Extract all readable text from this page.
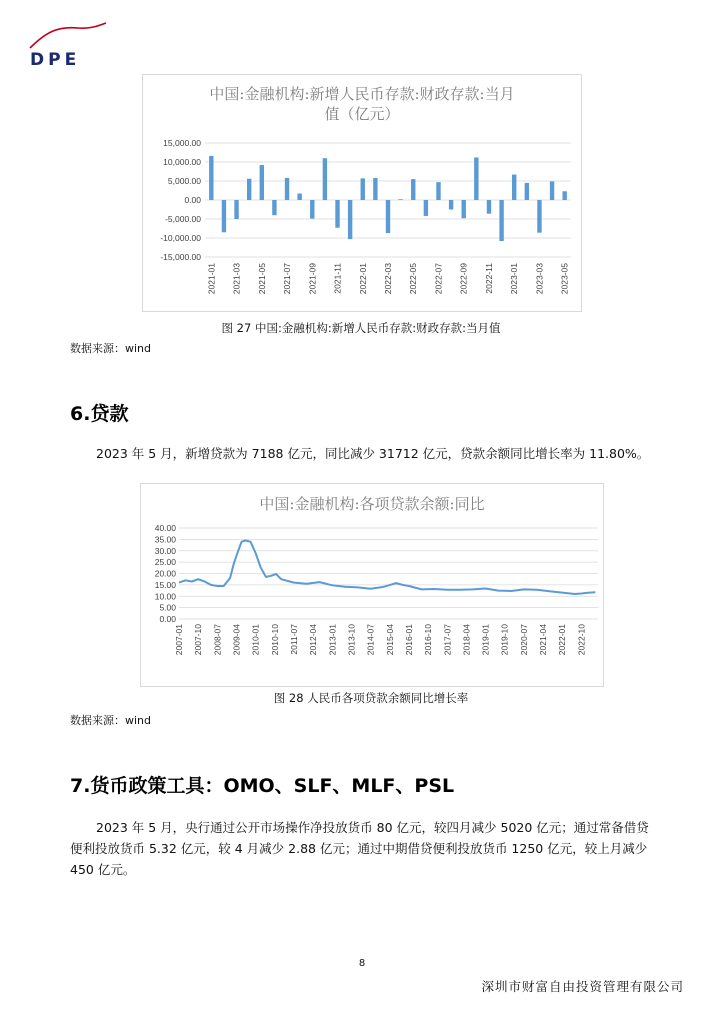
DPE
中国:金融机构:新增人民币存款:财政存款:当月
值（亿元）
15,000.00
10,000.00
5,000.00
0.00
-5,000.00
-10,000.00
-15,000.00
2021-01 2021-03 2021-05 2021-07 2021-09 2021-11 2022-01 2022-03 2022-05 2022-07 2022-09 2022-11 2023-01 2023-03 2023-05
图 27 中国:金融机构:新增人民币存款:财政存款:当月值
数据来源：wind
6.贷款

2023 年 5 月，新增贷款为 7188 亿元，同比减少 31712 亿元，贷款余额同比增长率为 11.80%。

中国:金融机构:各项贷款余额:同比
40.00
35.00
30.00
25.00
20.00
15.00
10.00
5.00
0.00
2007-01 2007-10 2008-07 2009-04 2010-01 2010-10 2011-07 2012-04 2013-01 2013-10 2014-07 2015-04 2016-01 2016-10 2017-07 2018-04 2019-01 2019-10 2020-07 2021-04 2022-01 2022-10
图 28 人民币各项贷款余额同比增长率
数据来源：wind
7.货币政策工具：OMO、SLF、MLF、PSL

2023 年 5 月，央行通过公开市场操作净投放货币 80 亿元，较四月减少 5020 亿元；通过常备借贷便利投放货币 5.32 亿元，较 4 月减少 2.88 亿元；通过中期借贷便利投放货币 1250 亿元，较上月减少 450 亿元。

8
深圳市财富自由投资管理有限公司
